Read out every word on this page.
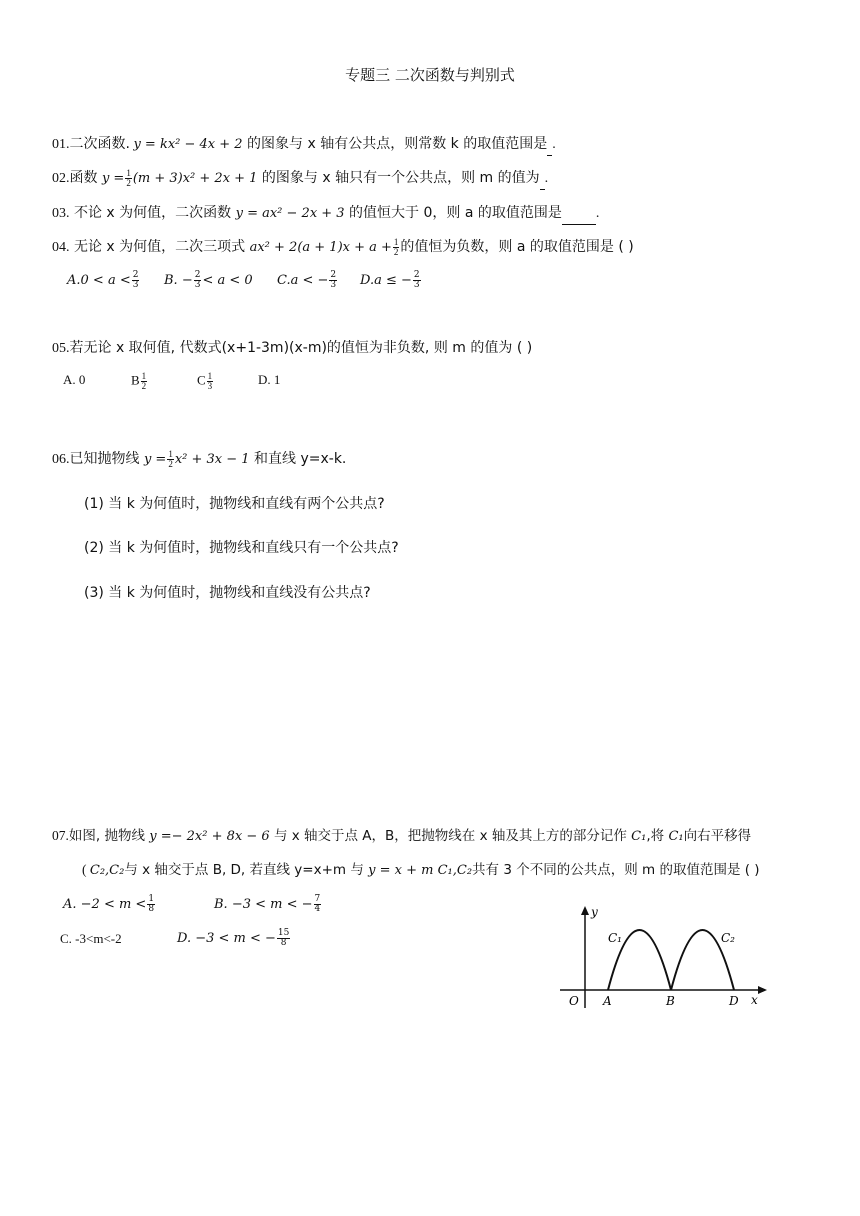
专题三 二次函数与判别式
01.二次函数. y = kx² − 4x + 2 的图象与 x 轴有公共点，则常数 k 的取值范围是 .
02.函数 $y = \frac{1}{2} (m + 3)x^2 + 2x + 1$ 的图象与 x 轴只有一个公共点，则 m 的值为 .
03. 不论 x 为何值，二次函数 y = ax² − 2x + 3 的值恒大于 0，则 a 的取值范围是 .
04. 无论 x 为何值，二次三项式 $ax^2 + 2(a + 1)x + a + \frac{1}{2}$ 的值恒为负数，则 a 的取值范围是 ( )
$A.0 < a < \frac{2}{3} B$. − $\frac{2}{3} < a < 0$ C.a < − $\frac{2}{3} D.a$ ≤ − $\frac{2}{3}$
05.若无论 x 取何值, 代数式(x+1-3m)(x-m)的值恒为非负数, 则 m 的值为 ( )
A. 0	B $\frac{1}{2}$	C $\frac{1}{3}$	D. 1
06.已知抛物线 $y = \frac{1}{2} x^2 + 3x - 1$ 和直线 y=x-k.
(1) 当 k 为何值时，抛物线和直线有两个公共点?
(2) 当 k 为何值时，抛物线和直线只有一个公共点?
(3) 当 k 为何值时，抛物线和直线没有公共点?
07.如图, 抛物线 y =− 2x² + 8x − 6 与 x 轴交于点 A，B，把抛物线在 x 轴及其上方的部分记作 C₁,将 C₁向右平移得
( C₂,C₂与 x 轴交于点 B, D, 若直线 y=x+m 与 y = x + m C₁,C₂共有 3 个不同的公共点，则 m 的取值范围是 ( )
A. $-2 < m < \frac{1}{8}$	B. −3 < m < − $\frac{7}{4}$
C. -3<m<-2	D. −3 < m < − $\frac{15}{8}$
y
x
O A	B	D
C₁	C₂
